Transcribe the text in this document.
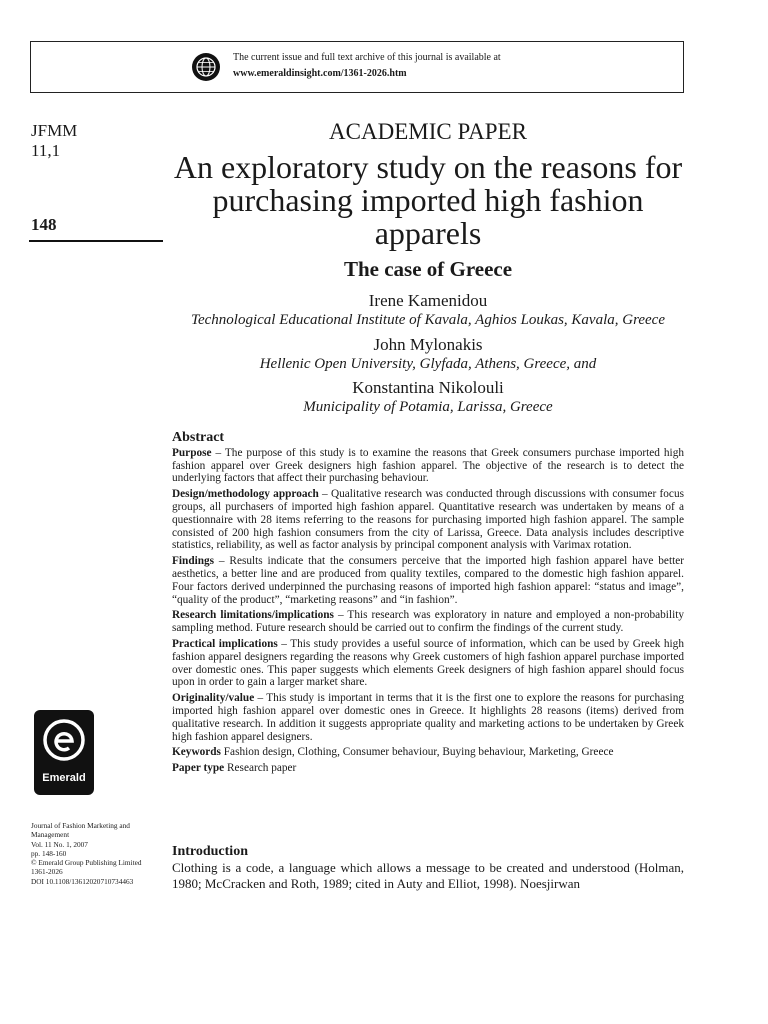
The current issue and full text archive of this journal is available at
www.emeraldinsight.com/1361-2026.htm
JFMM
11,1
148
ACADEMIC PAPER
An exploratory study on the reasons for purchasing imported high fashion apparels
The case of Greece
Irene Kamenidou
Technological Educational Institute of Kavala, Aghios Loukas, Kavala, Greece
John Mylonakis
Hellenic Open University, Glyfada, Athens, Greece, and
Konstantina Nikolouli
Municipality of Potamia, Larissa, Greece
Abstract

Purpose – The purpose of this study is to examine the reasons that Greek consumers purchase imported high fashion apparel over Greek designers high fashion apparel. The objective of the research is to detect the underlying factors that affect their purchasing behaviour.

Design/methodology approach – Qualitative research was conducted through discussions with consumer focus groups, all purchasers of imported high fashion apparel. Quantitative research was undertaken by means of a questionnaire with 28 items referring to the reasons for purchasing imported high fashion apparel. The sample consisted of 200 high fashion consumers from the city of Larissa, Greece. Data analysis includes descriptive statistics, reliability, as well as factor analysis by principal component analysis with Varimax rotation.

Findings – Results indicate that the consumers perceive that the imported high fashion apparel have better aesthetics, a better line and are produced from quality textiles, compared to the domestic high fashion apparel. Four factors derived underpinned the purchasing reasons of imported high fashion apparel: “status and image”, “quality of the product”, “marketing reasons” and “in fashion”.

Research limitations/implications – This research was exploratory in nature and employed a non-probability sampling method. Future research should be carried out to confirm the findings of the current study.

Practical implications – This study provides a useful source of information, which can be used by Greek high fashion apparel designers regarding the reasons why Greek customers of high fashion apparel purchase imported over domestic ones. This paper suggests which elements Greek designers of high fashion apparel should focus upon in order to gain a larger market share.

Originality/value – This study is important in terms that it is the first one to explore the reasons for purchasing imported high fashion apparel over domestic ones in Greece. It highlights 28 reasons (items) derived from qualitative research. In addition it suggests appropriate quality and marketing actions to be undertaken by Greek high fashion apparel designers.

Keywords Fashion design, Clothing, Consumer behaviour, Buying behaviour, Marketing, Greece

Paper type Research paper

Introduction
Clothing is a code, a language which allows a message to be created and understood (Holman, 1980; McCracken and Roth, 1989; cited in Auty and Elliot, 1998). Noesjirwan
Emerald
Journal of Fashion Marketing and Management
Vol. 11 No. 1, 2007
pp. 148-160
© Emerald Group Publishing Limited
1361-2026
DOI 10.1108/13612020710734463
